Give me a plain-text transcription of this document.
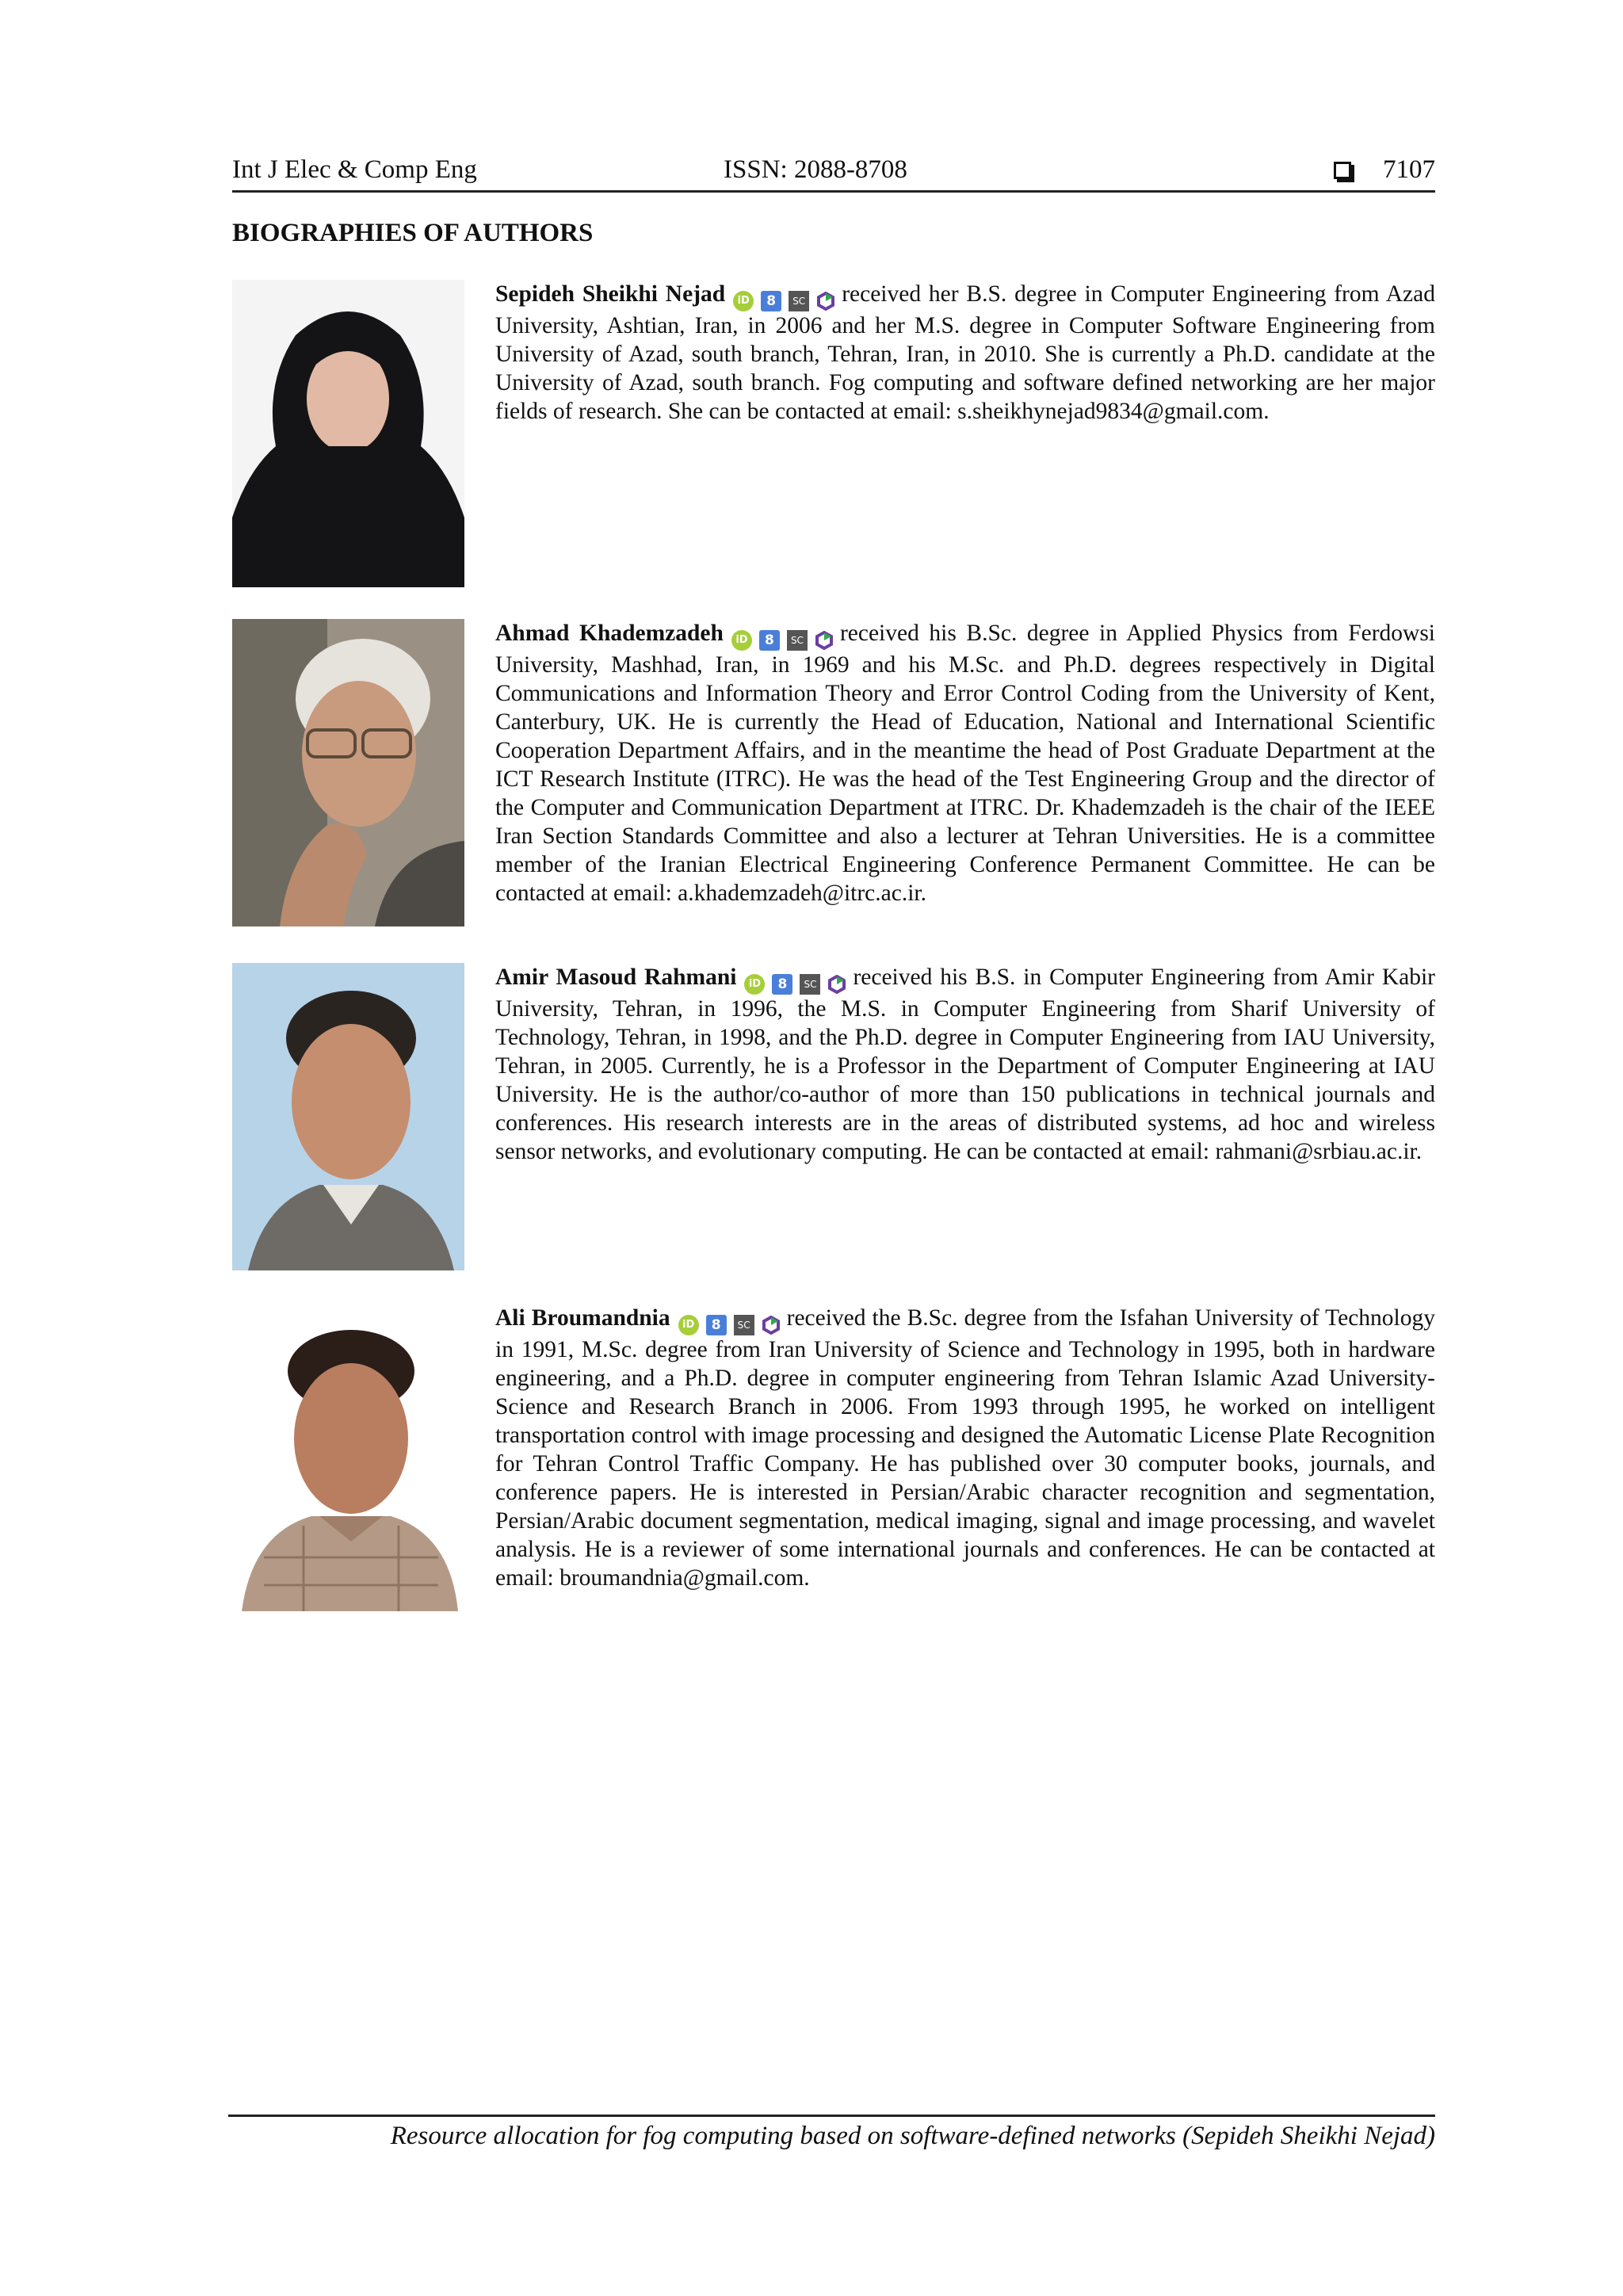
Int J Elec & Comp Eng	ISSN: 2088-8708	7107
BIOGRAPHIES OF AUTHORS

Sepideh Sheikhi Nejad	iD	8	SC received her B.S. degree in Computer Engineering from Azad University, Ashtian, Iran, in 2006 and her M.S. degree in Computer Software Engineering from University of Azad, south branch, Tehran, Iran, in 2010. She is currently a Ph.D. candidate at the University of Azad, south branch. Fog computing and software defined networking are her major fields of research. She can be contacted at email: s.sheikhynejad9834@gmail.com.

Ahmad Khademzadeh	iD	8	SC received his B.Sc. degree in Applied Physics from Ferdowsi University, Mashhad, Iran, in 1969 and his M.Sc. and Ph.D. degrees respectively in Digital Communications and Information Theory and Error Control Coding from the University of Kent, Canterbury, UK. He is currently the Head of Education, National and International Scientific Cooperation Department Affairs, and in the meantime the head of Post Graduate Department at the ICT Research Institute (ITRC). He was the head of the Test Engineering Group and the director of the Computer and Communication Department at ITRC. Dr. Khademzadeh is the chair of the IEEE Iran Section Standards Committee and also a lecturer at Tehran Universities. He is a committee member of the Iranian Electrical Engineering Conference Permanent Committee. He can be contacted at email: a.khademzadeh@itrc.ac.ir.

Amir Masoud Rahmani	iD	8	SC received his B.S. in Computer Engineering from Amir Kabir University, Tehran, in 1996, the M.S. in Computer Engineering from Sharif University of Technology, Tehran, in 1998, and the Ph.D. degree in Computer Engineering from IAU University, Tehran, in 2005. Currently, he is a Professor in the Department of Computer Engineering at IAU University. He is the author/co-author of more than 150 publications in technical journals and conferences. His research interests are in the areas of distributed systems, ad hoc and wireless sensor networks, and evolutionary computing. He can be contacted at email: rahmani@srbiau.ac.ir.

Ali Broumandnia	iD	8	SC received the B.Sc. degree from the Isfahan University of Technology in 1991, M.Sc. degree from Iran University of Science and Technology in 1995, both in hardware engineering, and a Ph.D. degree in computer engineering from Tehran Islamic Azad University-Science and Research Branch in 2006. From 1993 through 1995, he worked on intelligent transportation control with image processing and designed the Automatic License Plate Recognition for Tehran Control Traffic Company. He has published over 30 computer books, journals, and conference papers. He is interested in Persian/Arabic character recognition and segmentation, Persian/Arabic document segmentation, medical imaging, signal and image processing, and wavelet analysis. He is a reviewer of some international journals and conferences. He can be contacted at email: broumandnia@gmail.com.

Resource allocation for fog computing based on software-defined networks (Sepideh Sheikhi Nejad)
